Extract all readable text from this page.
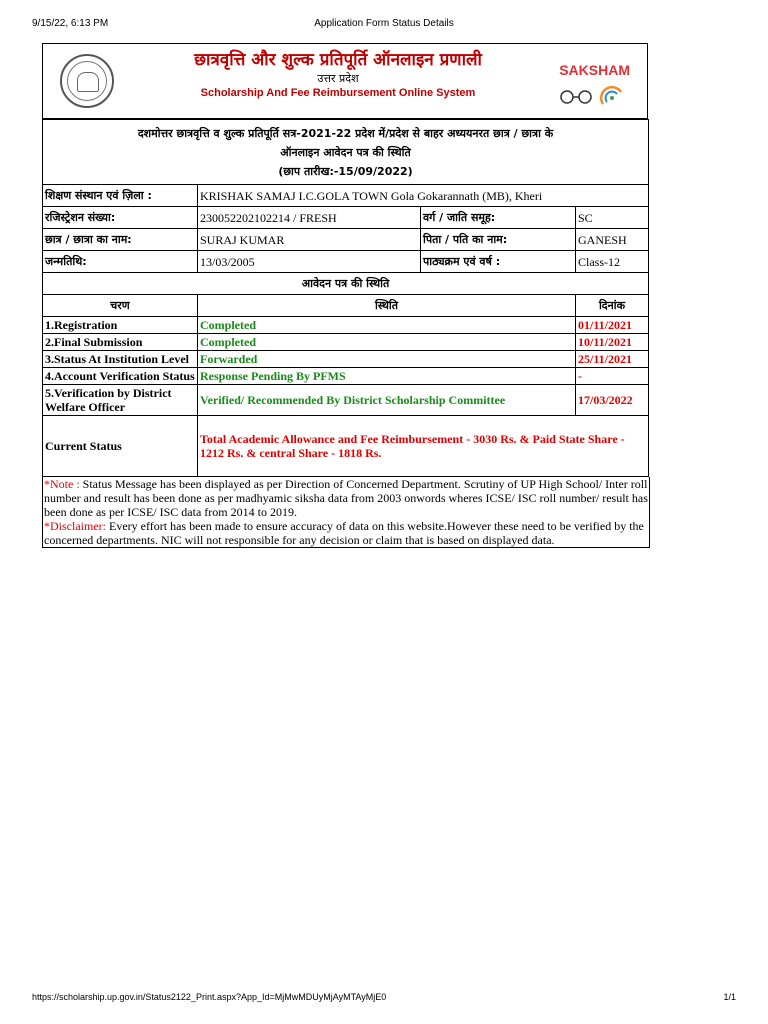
9/15/22, 6:13 PM	Application Form Status Details
छात्रवृत्ति और शुल्क प्रतिपूर्ति ऑनलाइन प्रणाली
उत्तर प्रदेश
Scholarship And Fee Reimbursement Online System
SAKSHAM
दशमोत्तर छात्रवृत्ति व शुल्क प्रतिपूर्ति सत्र-2021-22 प्रदेश में/प्रदेश से बाहर अध्ययनरत छात्र / छात्रा के
ऑनलाइन आवेदन पत्र की स्थिति
(छाप तारीख:-15/09/2022)			

शिक्षण संस्थान एवं ज़िला :	KRISHAK SAMAJ I.C.GOLA TOWN Gola Gokarannath (MB), Kheri		
रजिस्ट्रेशन संख्या:	230052202102214 / FRESH	वर्ग / जाति समूह:	SC
छात्र / छात्रा का नाम:	SURAJ KUMAR	पिता / पति का नाम:	GANESH
जन्मतिथि:	13/03/2005	पाठ्यक्रम एवं वर्ष :	Class-12
आवेदन पत्र की स्थिति			
चरण	स्थिति		दिनांक
1.Registration	Completed		01/11/2021
2.Final Submission	Completed		10/11/2021
3.Status At Institution Level	Forwarded		25/11/2021
4.Account Verification Status	Response Pending By PFMS		-
5.Verification by District Welfare Officer	Verified/ Recommended By District Scholarship Committee		17/03/2022
Current Status	Total Academic Allowance and Fee Reimbursement - 3030 Rs. & Paid State Share - 1212 Rs. & central Share - 1818 Rs.		
*Note : Status Message has been displayed as per Direction of Concerned Department. Scrutiny of UP High School/ Inter roll number and result has been done as per madhyamic siksha data from 2003 onwords wheres ICSE/ ISC roll number/ result has been done as per ICSE/ ISC data from 2014 to 2019.
*Disclaimer: Every effort has been made to ensure accuracy of data on this website.However these need to be verified by the concerned departments. NIC will not responsible for any decision or claim that is based on displayed data.
https://scholarship.up.gov.in/Status2122_Print.aspx?App_Id=MjMwMDUyMjAyMTAyMjE0	1/1
